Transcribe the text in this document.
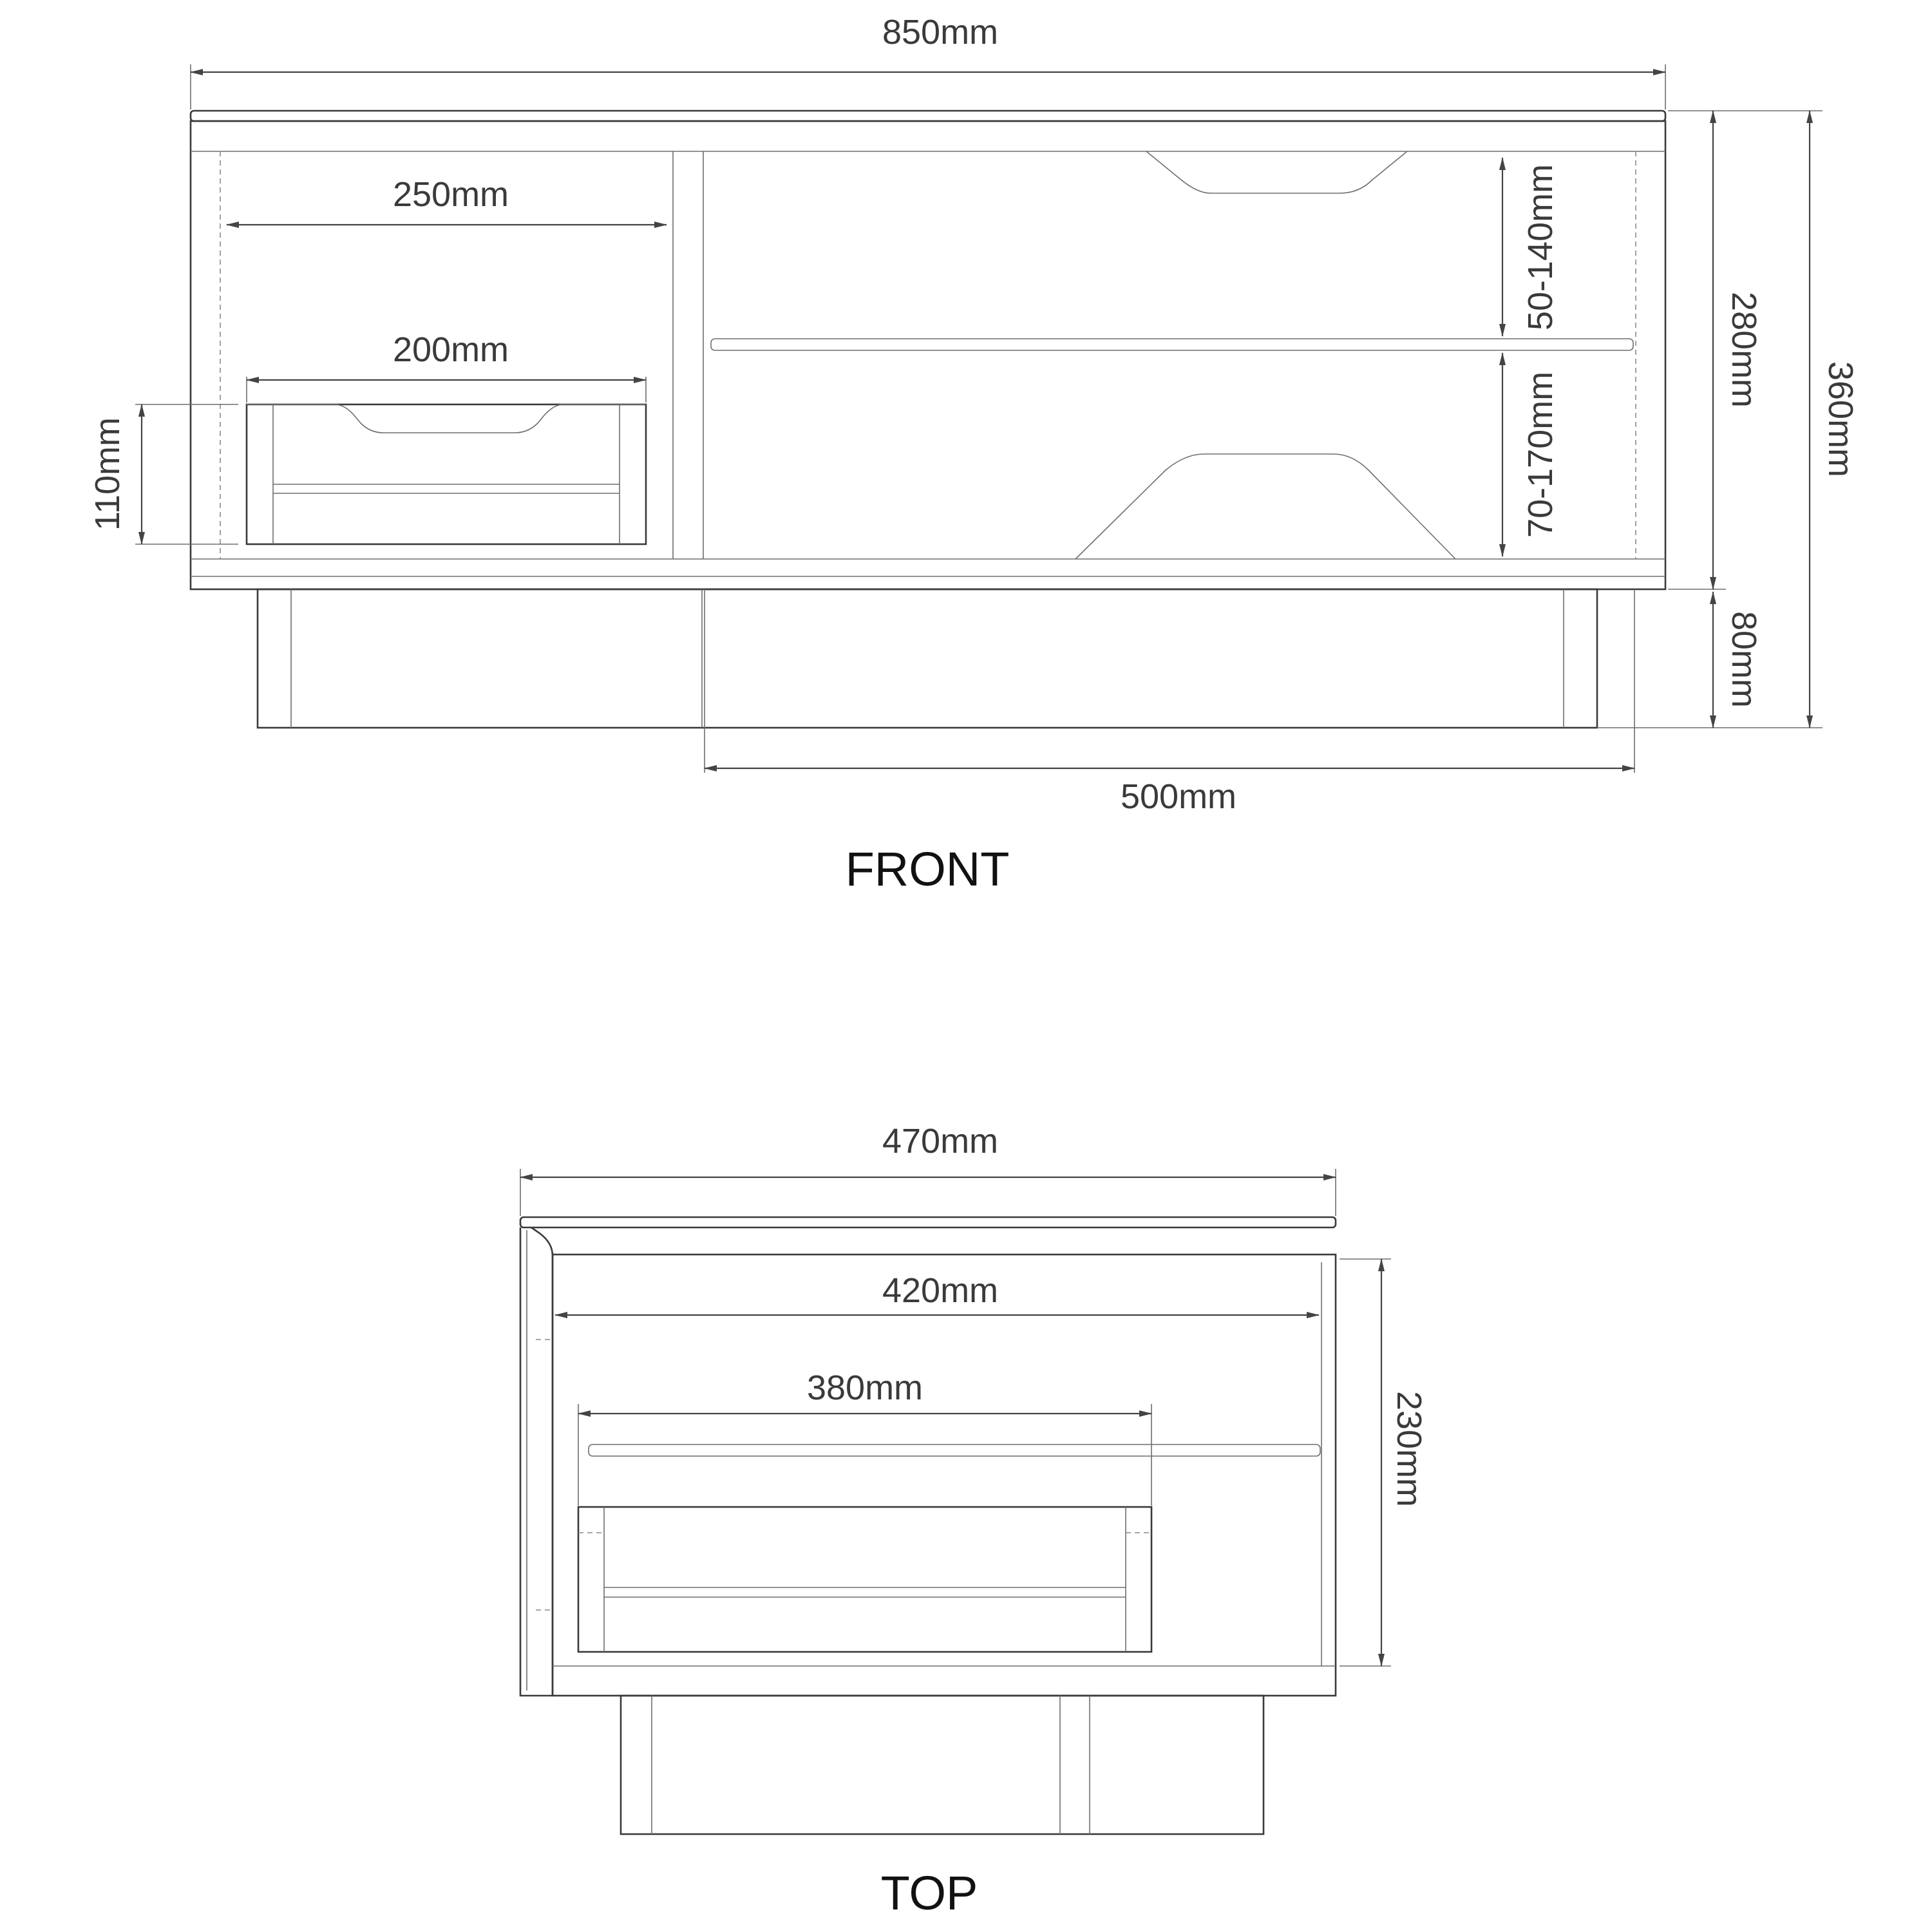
850mm
250mm
200mm
110mm
50-140mm
70-170mm
280mm
360mm
80mm
500mm
FRONT
470mm
420mm
380mm
230mm
TOP
